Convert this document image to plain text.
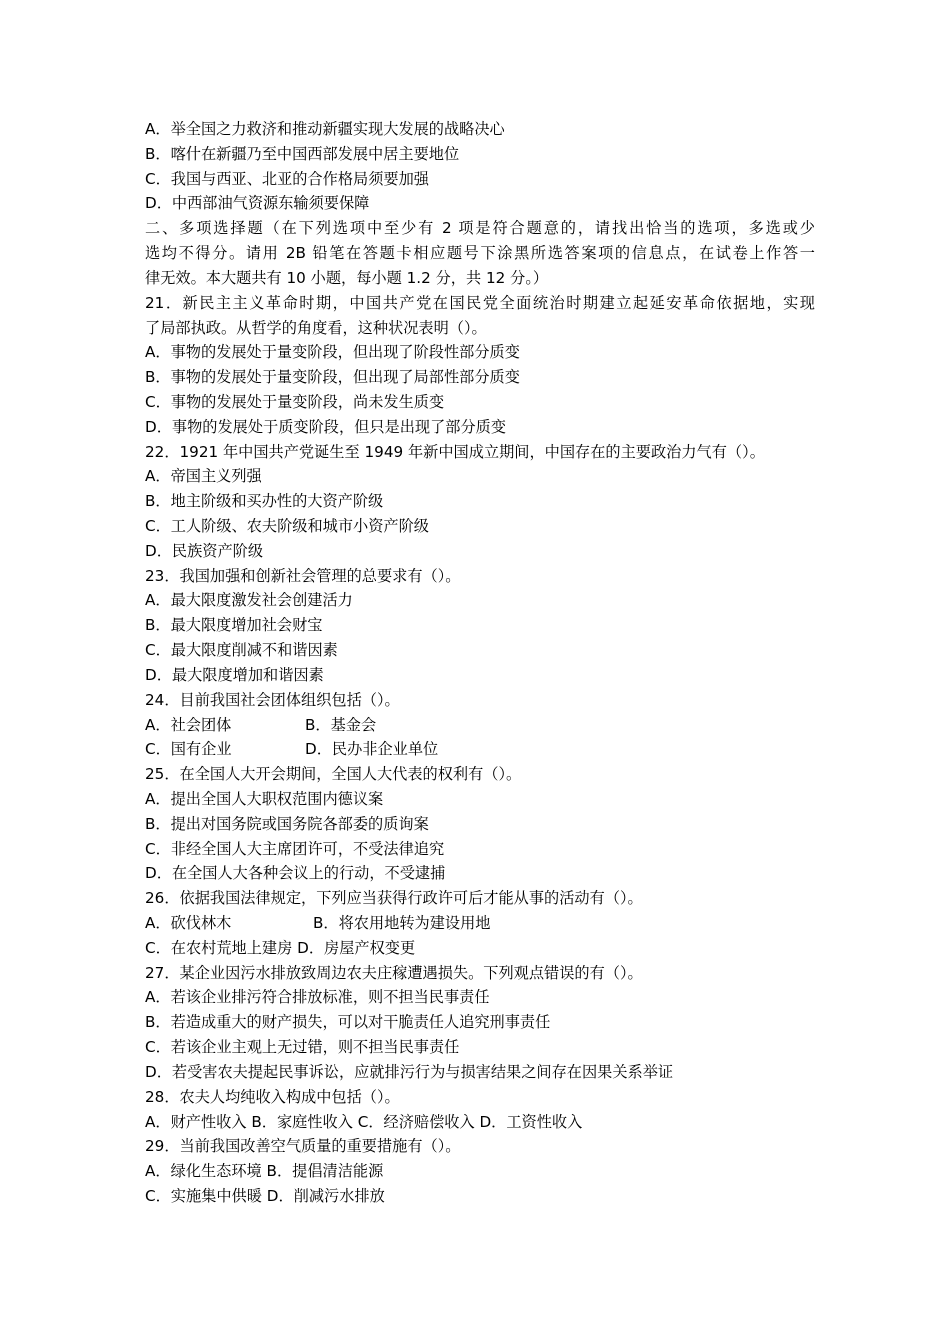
A．举全国之力救济和推动新疆实现大发展的战略决心
B．喀什在新疆乃至中国西部发展中居主要地位
C．我国与西亚、北亚的合作格局须要加强
D．中西部油气资源东输须要保障
二、多项选择题（在下列选项中至少有 2 项是符合题意的，请找出恰当的选项，多选或少
选均不得分。请用 2B 铅笔在答题卡相应题号下涂黑所选答案项的信息点，在试卷上作答一
律无效。本大题共有 10 小题，每小题 1.2 分，共 12 分。）
21．新民主主义革命时期，中国共产党在国民党全面统治时期建立起延安革命依据地，实现
了局部执政。从哲学的角度看，这种状况表明（）。
A．事物的发展处于量变阶段，但出现了阶段性部分质变
B．事物的发展处于量变阶段，但出现了局部性部分质变
C．事物的发展处于量变阶段，尚未发生质变
D．事物的发展处于质变阶段，但只是出现了部分质变
22．1921 年中国共产党诞生至 1949 年新中国成立期间，中国存在的主要政治力气有（）。
A．帝国主义列强
B．地主阶级和买办性的大资产阶级
C．工人阶级、农夫阶级和城市小资产阶级
D．民族资产阶级
23．我国加强和创新社会管理的总要求有（）。
A．最大限度激发社会创建活力
B．最大限度增加社会财宝
C．最大限度削减不和谐因素
D．最大限度增加和谐因素
24．目前我国社会团体组织包括（）。
A．社会团体	B．基金会
C．国有企业	D．民办非企业单位
25．在全国人大开会期间，全国人大代表的权利有（）。
A．提出全国人大职权范围内德议案
B．提出对国务院或国务院各部委的质询案
C．非经全国人大主席团许可，不受法律追究
D．在全国人大各种会议上的行动，不受逮捕
26．依据我国法律规定，下列应当获得行政许可后才能从事的活动有（）。
A．砍伐林木	B．将农用地转为建设用地
C．在农村荒地上建房 D．房屋产权变更
27．某企业因污水排放致周边农夫庄稼遭遇损失。下列观点错误的有（）。
A．若该企业排污符合排放标准，则不担当民事责任
B．若造成重大的财产损失，可以对干脆责任人追究刑事责任
C．若该企业主观上无过错，则不担当民事责任
D．若受害农夫提起民事诉讼，应就排污行为与损害结果之间存在因果关系举证
28．农夫人均纯收入构成中包括（）。
A．财产性收入 B．家庭性收入 C．经济赔偿收入 D．工资性收入
29．当前我国改善空气质量的重要措施有（）。
A．绿化生态环境 B．提倡清洁能源
C．实施集中供暖 D．削减污水排放
